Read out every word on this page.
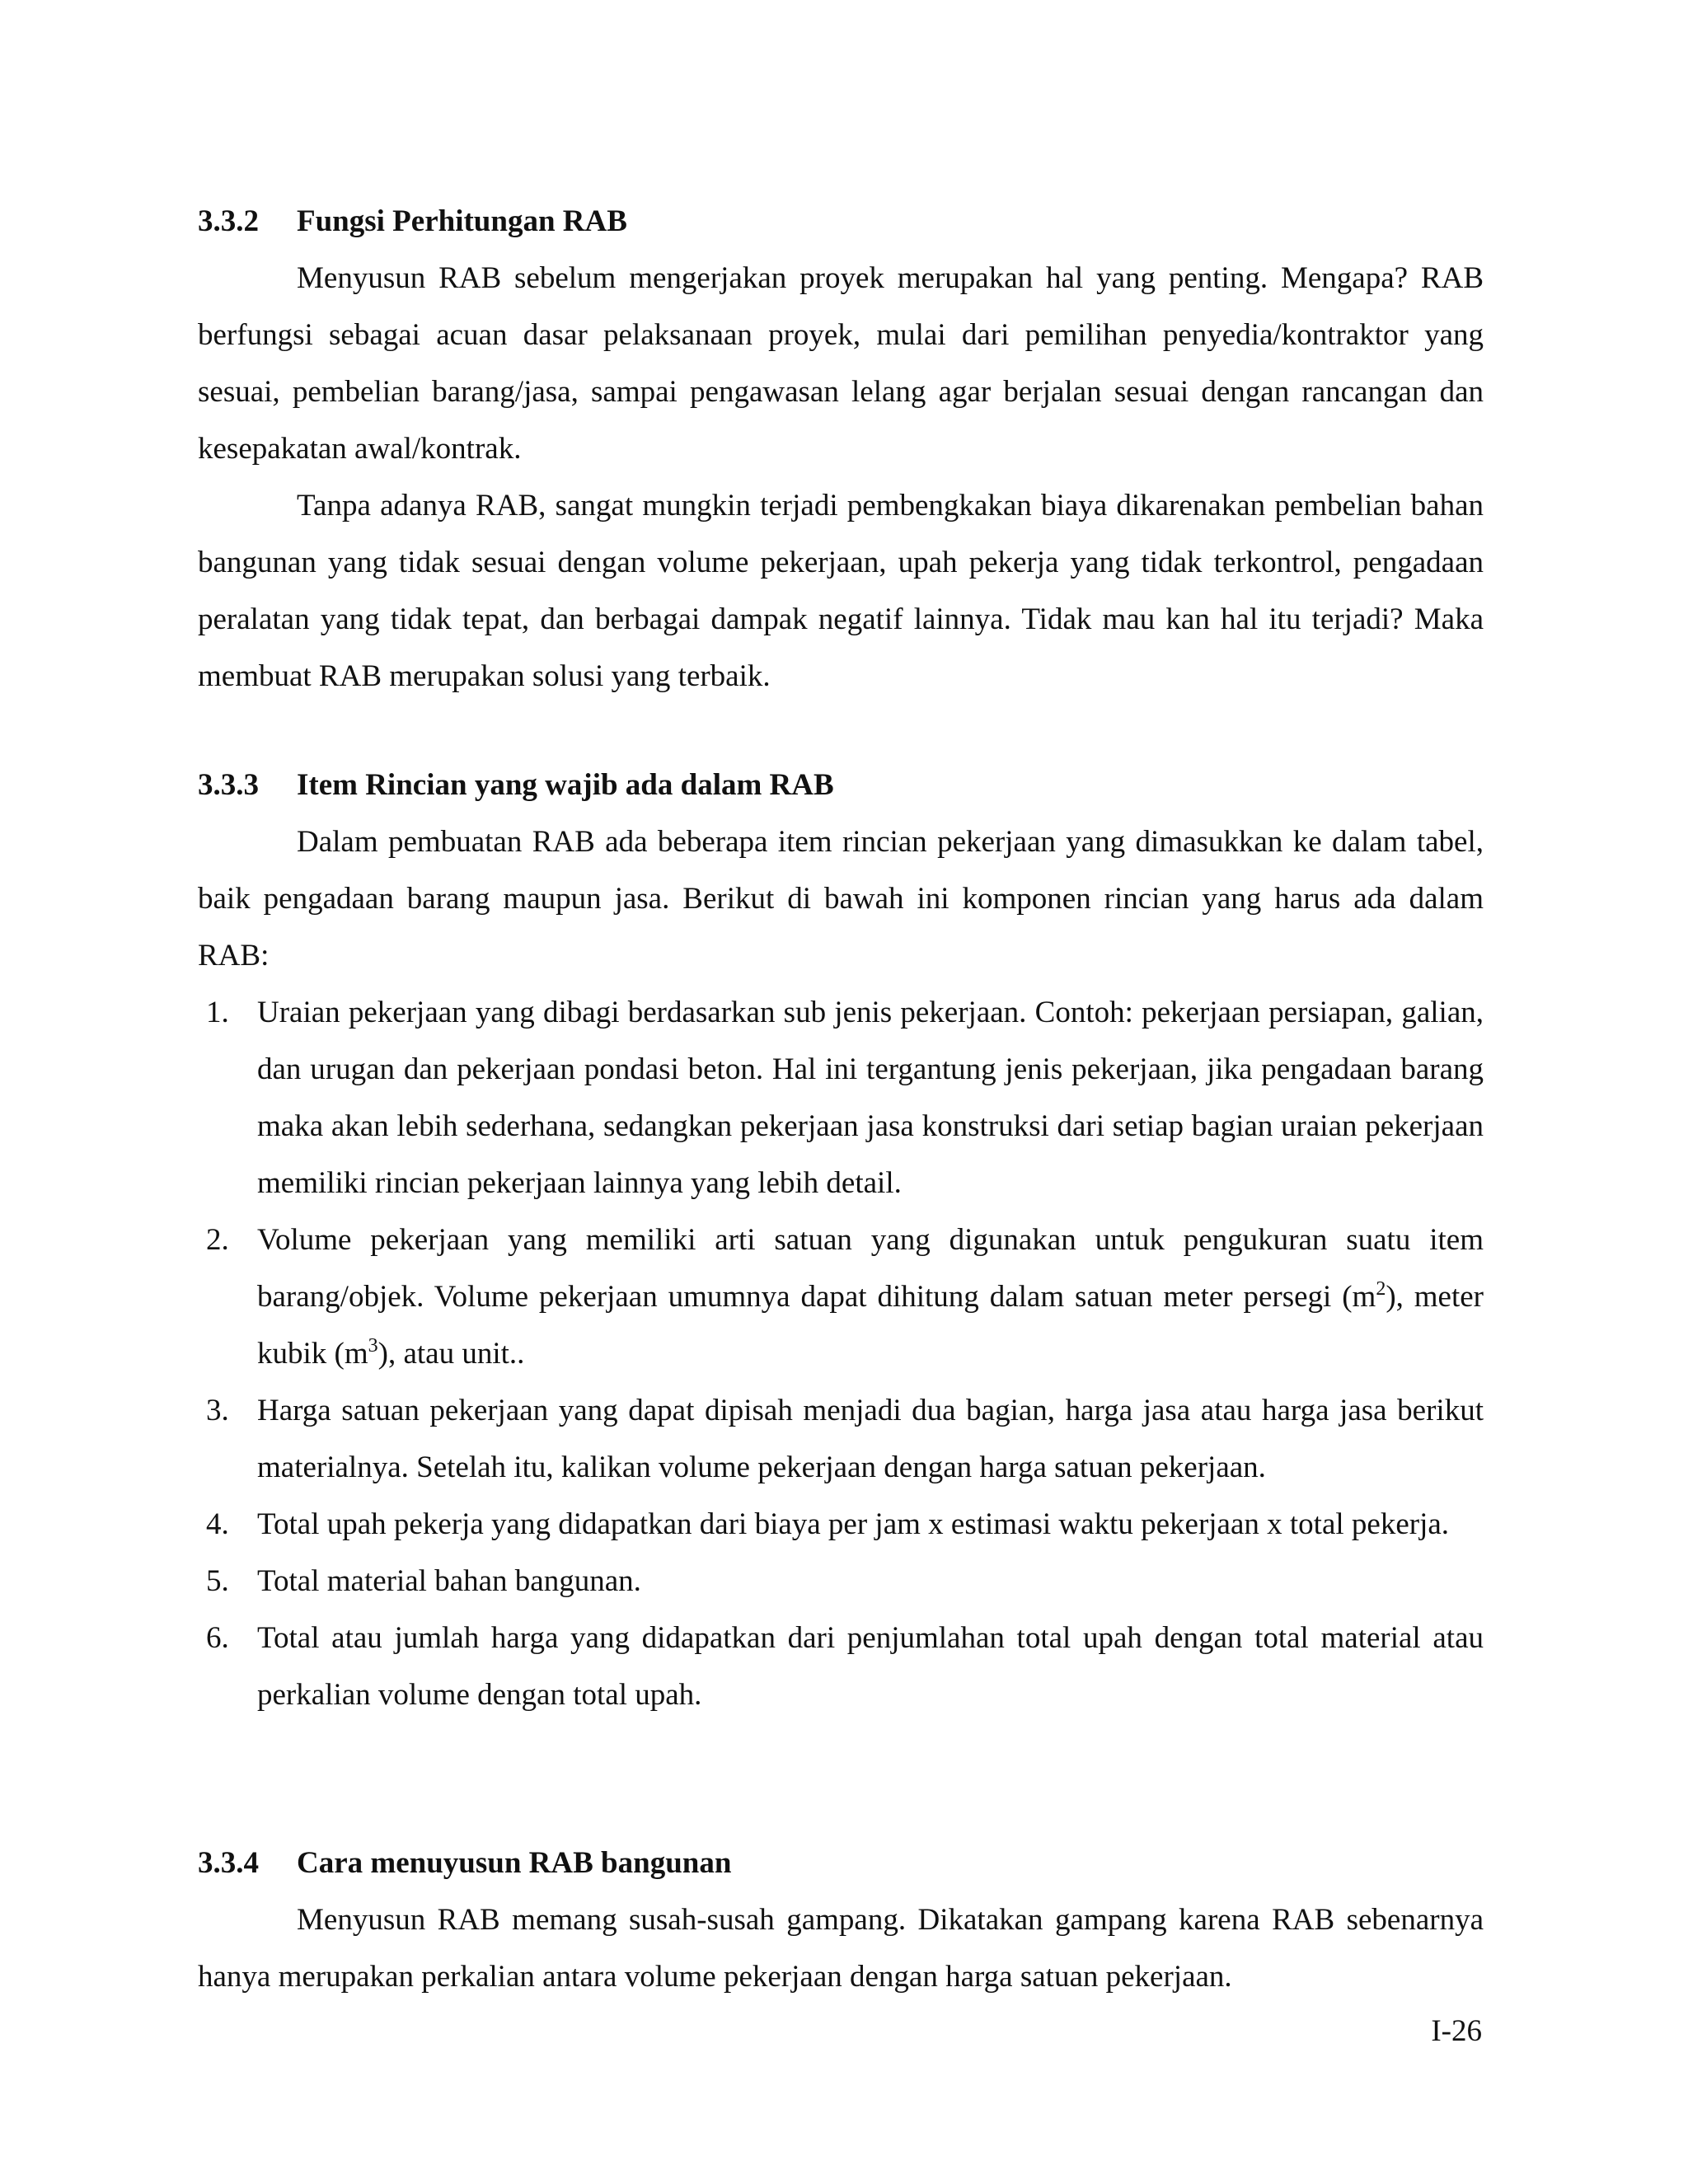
3.3.2 Fungsi Perhitungan RAB

Menyusun RAB sebelum mengerjakan proyek merupakan hal yang penting. Mengapa? RAB berfungsi sebagai acuan dasar pelaksanaan proyek, mulai dari pemilihan penyedia/kontraktor yang sesuai, pembelian barang/jasa, sampai pengawasan lelang agar berjalan sesuai dengan rancangan dan kesepakatan awal/kontrak.

Tanpa adanya RAB, sangat mungkin terjadi pembengkakan biaya dikarenakan pembelian bahan bangunan yang tidak sesuai dengan volume pekerjaan, upah pekerja yang tidak terkontrol, pengadaan peralatan yang tidak tepat, dan berbagai dampak negatif lainnya. Tidak mau kan hal itu terjadi? Maka membuat RAB merupakan solusi yang terbaik.

3.3.3 Item Rincian yang wajib ada dalam RAB

Dalam pembuatan RAB ada beberapa item rincian pekerjaan yang dimasukkan ke dalam tabel, baik pengadaan barang maupun jasa. Berikut di bawah ini komponen rincian yang harus ada dalam RAB:

1. Uraian pekerjaan yang dibagi berdasarkan sub jenis pekerjaan. Contoh: pekerjaan persiapan, galian, dan urugan dan pekerjaan pondasi beton. Hal ini tergantung jenis pekerjaan, jika pengadaan barang maka akan lebih sederhana, sedangkan pekerjaan jasa konstruksi dari setiap bagian uraian pekerjaan memiliki rincian pekerjaan lainnya yang lebih detail.
2. Volume pekerjaan yang memiliki arti satuan yang digunakan untuk pengukuran suatu item barang/objek. Volume pekerjaan umumnya dapat dihitung dalam satuan meter persegi $(m^2)$, meter kubik $(m^3)$, atau unit..
3. Harga satuan pekerjaan yang dapat dipisah menjadi dua bagian, harga jasa atau harga jasa berikut materialnya. Setelah itu, kalikan volume pekerjaan dengan harga satuan pekerjaan.
4. Total upah pekerja yang didapatkan dari biaya per jam x estimasi waktu pekerjaan x total pekerja.
5. Total material bahan bangunan.
6. Total atau jumlah harga yang didapatkan dari penjumlahan total upah dengan total material atau perkalian volume dengan total upah.
3.3.4 Cara menuyusun RAB bangunan

Menyusun RAB memang susah-susah gampang. Dikatakan gampang karena RAB sebenarnya hanya merupakan perkalian antara volume pekerjaan dengan harga satuan pekerjaan.

I-26
